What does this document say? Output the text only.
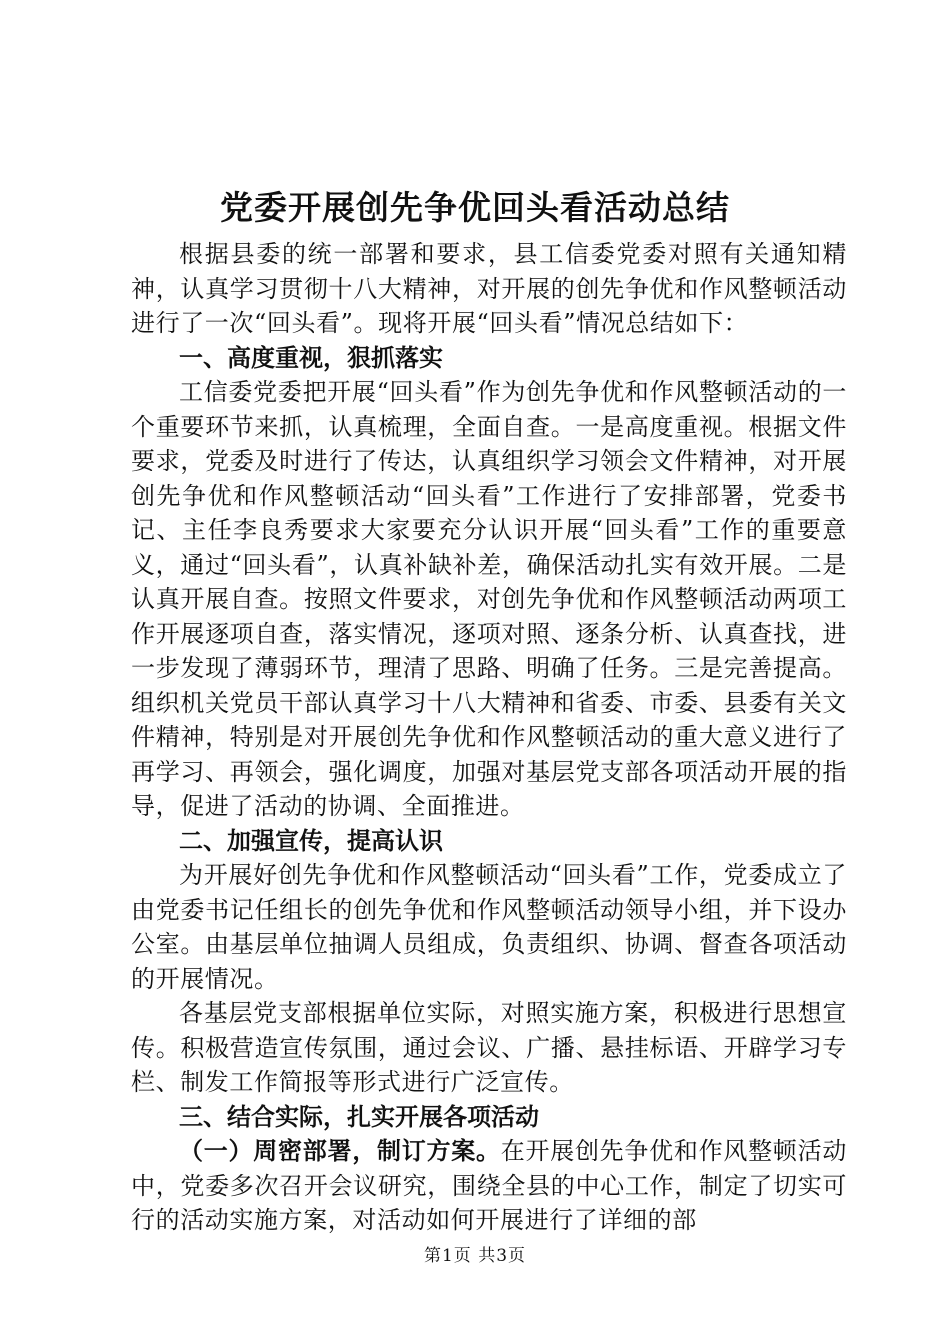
党委开展创先争优回头看活动总结

根据县委的统一部署和要求，县工信委党委对照有关通知精神，认真学习贯彻十八大精神，对开展的创先争优和作风整顿活动进行了一次“回头看”。现将开展“回头看”情况总结如下：

一、高度重视，狠抓落实

工信委党委把开展“回头看”作为创先争优和作风整顿活动的一个重要环节来抓，认真梳理，全面自查。一是高度重视。根据文件要求，党委及时进行了传达，认真组织学习领会文件精神，对开展创先争优和作风整顿活动“回头看”工作进行了安排部署，党委书记、主任李良秀要求大家要充分认识开展“回头看”工作的重要意义，通过“回头看”，认真补缺补差，确保活动扎实有效开展。二是认真开展自查。按照文件要求，对创先争优和作风整顿活动两项工作开展逐项自查，落实情况，逐项对照、逐条分析、认真查找，进一步发现了薄弱环节，理清了思路、明确了任务。三是完善提高。组织机关党员干部认真学习十八大精神和省委、市委、县委有关文件精神，特别是对开展创先争优和作风整顿活动的重大意义进行了再学习、再领会，强化调度，加强对基层党支部各项活动开展的指导，促进了活动的协调、全面推进。

二、加强宣传，提高认识

为开展好创先争优和作风整顿活动“回头看”工作，党委成立了由党委书记任组长的创先争优和作风整顿活动领导小组，并下设办公室。由基层单位抽调人员组成，负责组织、协调、督查各项活动的开展情况。

各基层党支部根据单位实际，对照实施方案，积极进行思想宣传。积极营造宣传氛围，通过会议、广播、悬挂标语、开辟学习专栏、制发工作简报等形式进行广泛宣传。

三、结合实际，扎实开展各项活动

（一）周密部署，制订方案。在开展创先争优和作风整顿活动中，党委多次召开会议研究，围绕全县的中心工作，制定了切实可行的活动实施方案，对活动如何开展进行了详细的部

第1页 共3页
